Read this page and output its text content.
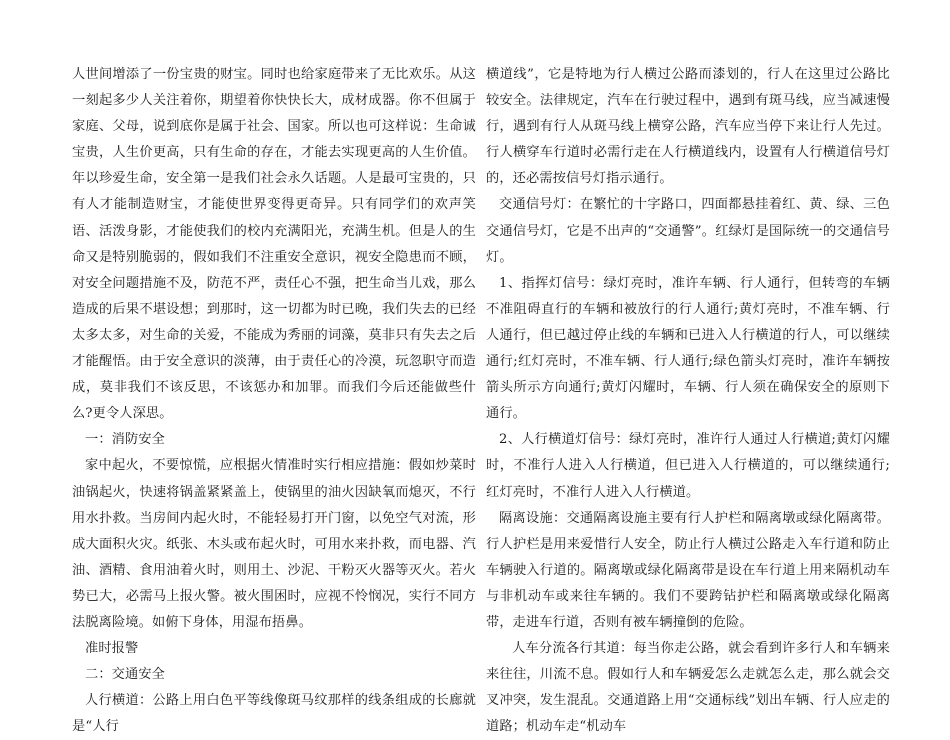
人世间增添了一份宝贵的财宝。同时也给家庭带来了无比欢乐。从这一刻起多少人关注着你，期望着你快快长大，成材成器。你不但属于家庭、父母，说到底你是属于社会、国家。所以也可这样说：生命诚宝贵，人生价更高，只有生命的存在，才能去实现更高的人生价值。年以珍爱生命，安全第一是我们社会永久话题。人是最可宝贵的，只有人才能制造财宝，才能使世界变得更奇异。只有同学们的欢声笑语、活泼身影，才能使我们的校内充满阳光，充满生机。但是人的生命又是特别脆弱的，假如我们不注重安全意识，视安全隐患而不顾，对安全问题措施不及，防范不严，责任心不强，把生命当儿戏，那么造成的后果不堪设想；到那时，这一切都为时已晚，我们失去的已经太多太多，对生命的关爱，不能成为秀丽的词藻，莫非只有失去之后才能醒悟。由于安全意识的淡薄，由于责任心的冷漠，玩忽职守而造成，莫非我们不该反思，不该惩办和加罪。而我们今后还能做些什么?更令人深思。

一：消防安全

家中起火，不要惊慌，应根据火情准时实行相应措施：假如炒菜时油锅起火，快速将锅盖紧紧盖上，使锅里的油火因缺氧而熄灭，不行用水扑救。当房间内起火时，不能轻易打开门窗，以免空气对流，形成大面积火灾。纸张、木头或布起火时，可用水来扑救，而电器、汽油、酒精、食用油着火时，则用土、沙泥、干粉灭火器等灭火。若火势已大，必需马上报火警。被火围困时，应视不怜悯况，实行不同方法脱离险境。如俯下身体，用湿布捂鼻。

准时报警

二：交通安全

人行横道：公路上用白色平等线像斑马纹那样的线条组成的长廊就是“人行

横道线”，它是特地为行人横过公路而漆划的，行人在这里过公路比较安全。法律规定，汽车在行驶过程中，遇到有斑马线，应当减速慢行，遇到有行人从斑马线上横穿公路，汽车应当停下来让行人先过。行人横穿车行道时必需行走在人行横道线内，设置有人行横道信号灯的，还必需按信号灯指示通行。

交通信号灯：在繁忙的十字路口，四面都悬挂着红、黄、绿、三色交通信号灯，它是不出声的“交通警”。红绿灯是国际统一的交通信号灯。

1、指挥灯信号：绿灯亮时，准许车辆、行人通行，但转弯的车辆不准阻碍直行的车辆和被放行的行人通行;黄灯亮时，不准车辆、行人通行，但已越过停止线的车辆和已进入人行横道的行人，可以继续通行;红灯亮时，不准车辆、行人通行;绿色箭头灯亮时，准许车辆按箭头所示方向通行;黄灯闪耀时，车辆、行人须在确保安全的原则下通行。

2、人行横道灯信号：绿灯亮时，准许行人通过人行横道;黄灯闪耀时，不准行人进入人行横道，但已进入人行横道的，可以继续通行;红灯亮时，不准行人进入人行横道。

隔离设施：交通隔离设施主要有行人护栏和隔离墩或绿化隔离带。行人护栏是用来爱惜行人安全，防止行人横过公路走入车行道和防止车辆驶入行道的。隔离墩或绿化隔离带是设在车行道上用来隔机动车与非机动车或来往车辆的。我们不要跨钻护栏和隔离墩或绿化隔离带，走进车行道，否则有被车辆撞倒的危险。

人车分流各行其道：每当你走公路，就会看到许多行人和车辆来来往往，川流不息。假如行人和车辆爱怎么走就怎么走，那么就会交叉冲突，发生混乱。交通道路上用“交通标线”划出车辆、行人应走的道路；机动车走“机动车
